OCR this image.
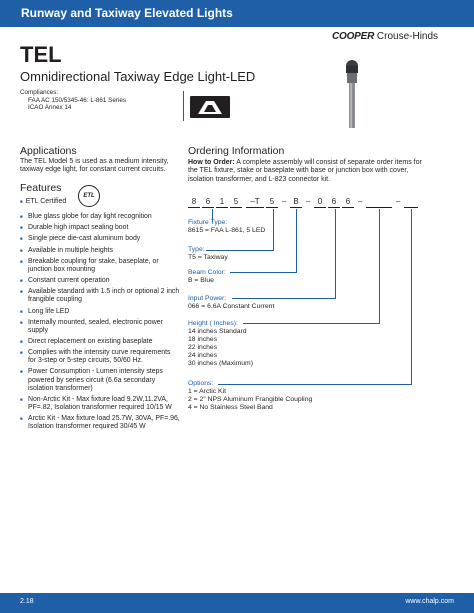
Runway and Taxiway Elevated Lights
COOPER Crouse-Hinds
TEL
Omnidirectional Taxiway Edge Light-LED
Compliances:
FAA AC 150/5345-46: L-861 Series
ICAO Annex 14
Applications
The TEL Model 5 is used as a medium intensity, taxiway edge light, for constant current circuits.
Features
■ ETL Certified
ETL
■ Blue glass globe for day light recognition
■ Durable high impact sealing boot
■ Single piece die-cast aluminum body
■ Available in multiple heights
■ Breakable coupling for stake, baseplate, or junction box mounting
■ Constant current operation
■ Available standard with 1.5 inch or optional 2 inch frangible coupling
■ Long life LED
■ Internally mounted, sealed, electronic power supply
■ Direct replacement on existing baseplate
■ Complies with the intensity curve requirements for 3-step or 5-step circuits, 50/60 Hz.
■ Power Consumption - Lumen intensity steps powered by series circuit (6.6a secondary isolation transformer)
■ Non-Arctic Kit - Max fixture load 9.2W,11.2VA, PF=.82, Isolation transformer required 10/15 W
■ Arctic Kit - Max fixture load 25.7W, 30VA, PF=.96, Isolation transformer required 30/45 W
Ordering Information
How to Order: A complete assembly will consist of separate order items for the TEL fixture, stake or baseplate with base or junction box with cover, isolation transformer, and L-823 connector kit.
8	6	1	5	–T	5 – B – 0	6	6 –	–
Fixture Type:
8615 = FAA L-861, 5 LED
Type:
T5 = Taxiway
Beam Color:
B = Blue
Input Power:
066 = 6.6A Constant Current
Height ( Inches):
14 inches Standard
18 inches
22 inches
24 inches
30 inches (Maximum)
Options:
1 = Arctic Kit
2 = 2" NPS Aluminum Frangible Coupling
4 = No Stainless Steel Band
2.18	www.chalp.com
